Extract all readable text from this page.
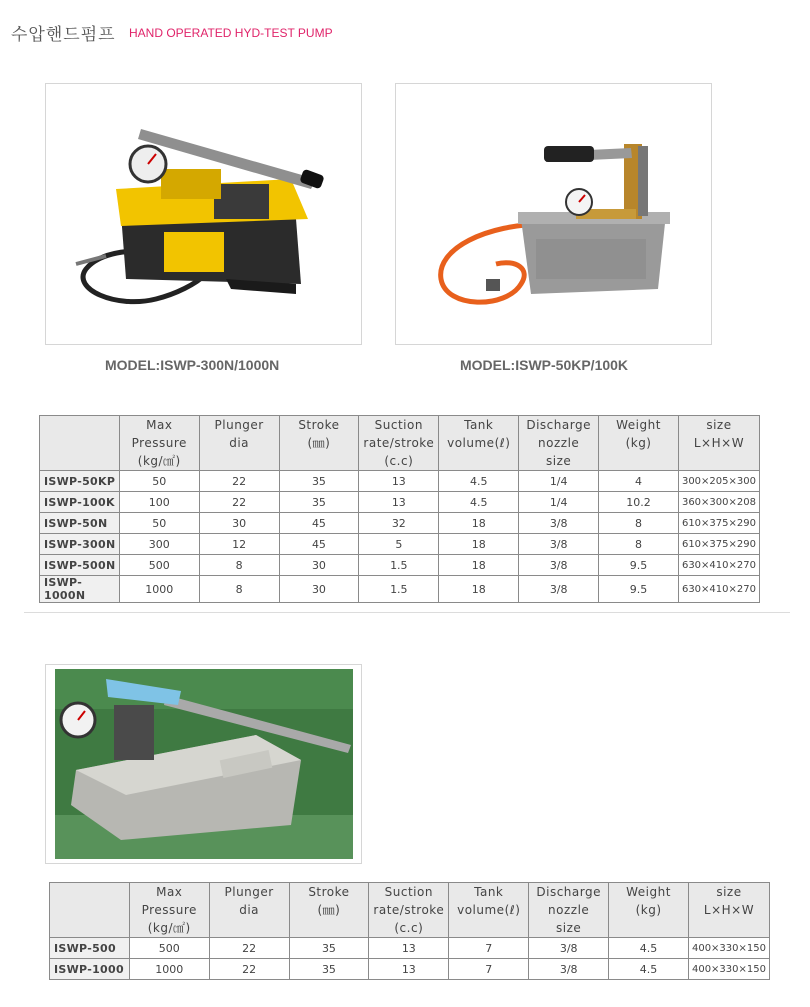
수압핸드펌프 HAND OPERATED HYD-TEST PUMP
MODEL:ISWP-300N/1000N	MODEL:ISWP-50KP/100K
	Max
Pressure
(kg/㎠)	Plunger
dia	Stroke
(㎜)	Suction
rate/stroke
(c.c)	Tank
volume(ℓ)	Discharge
nozzle
size	Weight
(kg)	size
L×H×W

ISWP-50KP	50	22	35	13	4.5	1/4	4	300×205×300
ISWP-100K	100	22	35	13	4.5	1/4	10.2	360×300×208
ISWP-50N	50	30	45	32	18	3/8	8	610×375×290
ISWP-300N	300	12	45	5	18	3/8	8	610×375×290
ISWP-500N	500	8	30	1.5	18	3/8	9.5	630×410×270
ISWP-1000N	1000	8	30	1.5	18	3/8	9.5	630×410×270
	Max
Pressure
(kg/㎠)	Plunger
dia	Stroke
(㎜)	Suction
rate/stroke
(c.c)	Tank
volume(ℓ)	Discharge
nozzle
size	Weight
(kg)	size
L×H×W

ISWP-500	500	22	35	13	7	3/8	4.5	400×330×150
ISWP-1000	1000	22	35	13	7	3/8	4.5	400×330×150
